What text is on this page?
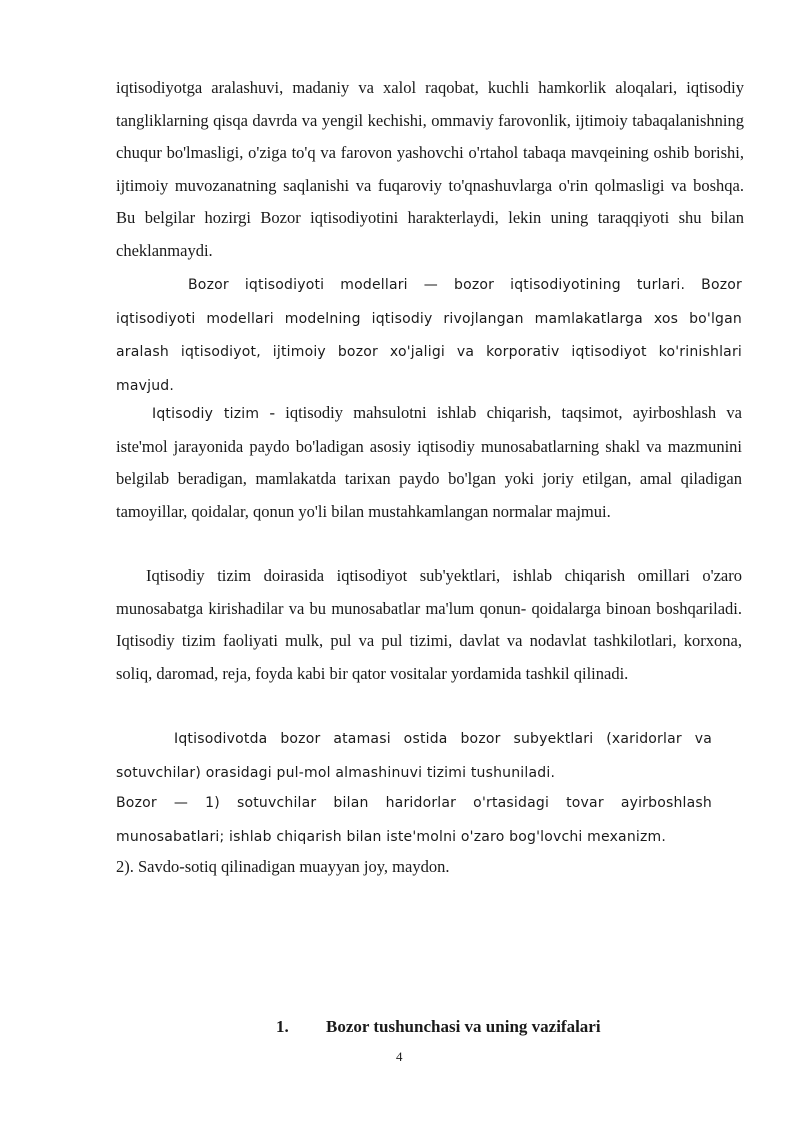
iqtisodiyotga aralashuvi, madaniy va xalol raqobat, kuchli hamkorlik aloqalari, iqtisodiy tangliklarning qisqa davrda va yengil kechishi, ommaviy farovonlik, ijtimoiy tabaqalanishning chuqur bo'lmasligi, o'ziga to'q va farovon yashovchi o'rtahol tabaqa mavqeining oshib borishi, ijtimoiy muvozanatning saqlanishi va fuqaroviy to'qnashuvlarga o'rin qolmasligi va boshqa. Bu belgilar hozirgi Bozor iqtisodiyotini harakterlaydi, lekin uning taraqqiyoti shu bilan cheklanmaydi.

Bozor iqtisodiyoti modellari — bozor iqtisodiyotining turlari. Bozor iqtisodiyoti modellari modelning iqtisodiy rivojlangan mamlakatlarga xos bo'lgan aralash iqtisodiyot, ijtimoiy bozor xo'jaligi va korporativ iqtisodiyot ko'rinishlari mavjud.

Iqtisodiy tizim - iqtisodiy mahsulotni ishlab chiqarish, taqsimot, ayirboshlash va iste'mol jarayonida paydo bo'ladigan asosiy iqtisodiy munosabatlarning shakl va mazmunini belgilab beradigan, mamlakatda tarixan paydo bo'lgan yoki joriy etilgan, amal qiladigan tamoyillar, qoidalar, qonun yo'li bilan mustahkamlangan normalar majmui.

Iqtisodiy tizim doirasida iqtisodiyot sub'yektlari, ishlab chiqarish omillari o'zaro munosabatga kirishadilar va bu munosabatlar ma'lum qonun- qoidalarga binoan boshqariladi. Iqtisodiy tizim faoliyati mulk, pul va pul tizimi, davlat va nodavlat tashkilotlari, korxona, soliq, daromad, reja, foyda kabi bir qator vositalar yordamida tashkil qilinadi.

Iqtisodivotda bozor atamasi ostida bozor subyektlari (xaridorlar va sotuvchilar) orasidagi pul-mol almashinuvi tizimi tushuniladi.

Bozor — 1) sotuvchilar bilan haridorlar o'rtasidagi tovar ayirboshlash munosabatlari; ishlab chiqarish bilan iste'molni o'zaro bog'lovchi mexanizm.

2). Savdo-sotiq qilinadigan muayyan joy, maydon.

1. Bozor tushunchasi va uning vazifalari
4
